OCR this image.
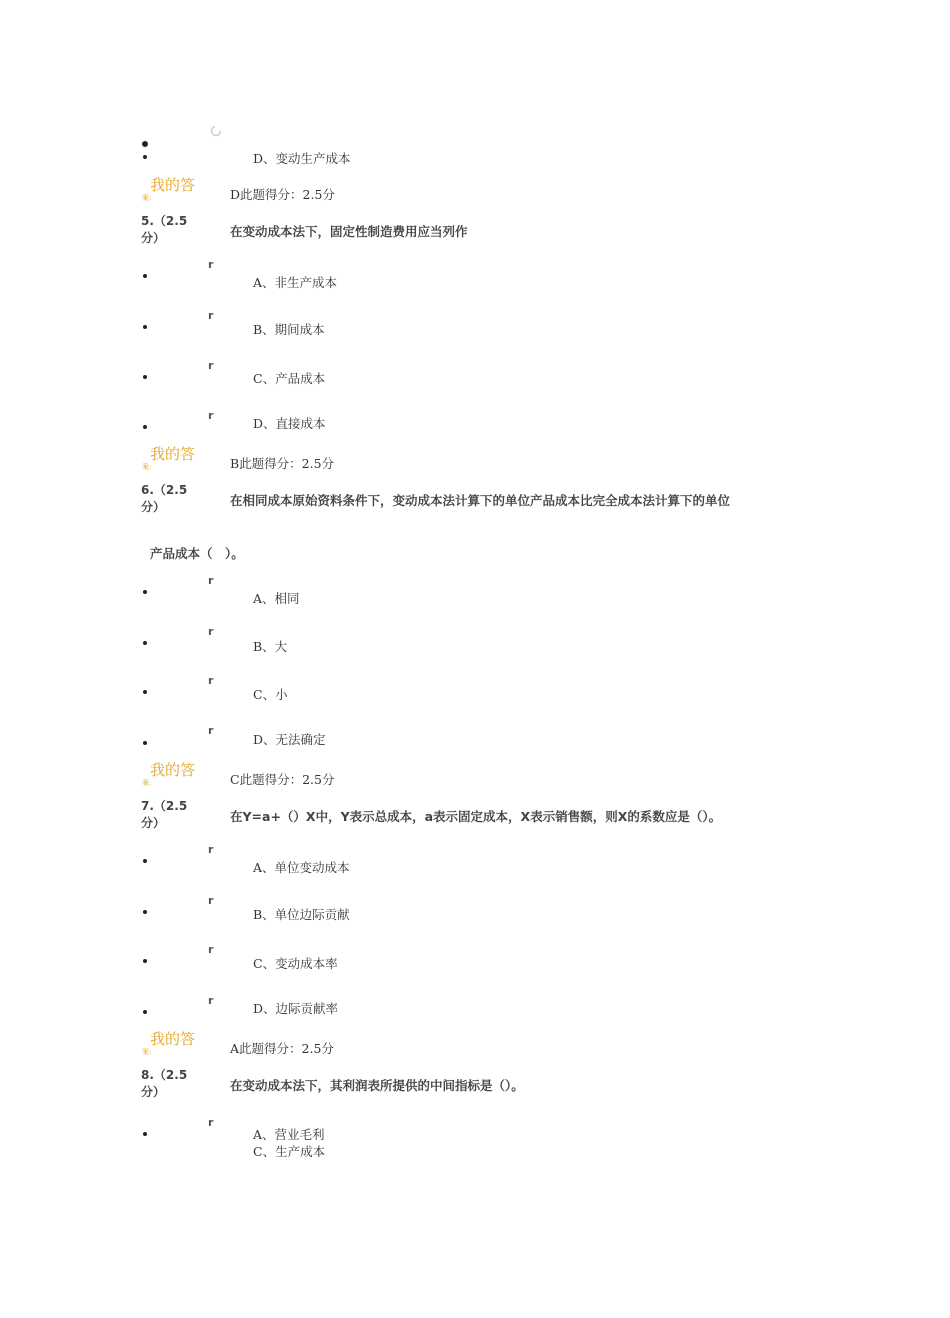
D、变动生产成本
我的答
案:	D此题得分：2.5分
5.（2.5
分）	在变动成本法下，固定性制造费用应当列作
r
A、非生产成本
r
B、期间成本
r
C、产品成本
r
D、直接成本
我的答
案:	B此题得分：2.5分
6.（2.5
分）	在相同成本原始资料条件下，变动成本法计算下的单位产品成本比完全成本法计算下的单位
产品成本（　）。
r
A、相同
r
B、大
r
C、小
r
D、无法确定
我的答
案:	C此题得分：2.5分
7.（2.5
分）	在Y=a+（）X中，Y表示总成本，a表示固定成本，X表示销售额，则X的系数应是（）。
r
A、单位变动成本
r
B、单位边际贡献
r
C、变动成本率
r
D、边际贡献率
我的答
案:	A此题得分：2.5分
8.（2.5
分）	在变动成本法下，其利润表所提供的中间指标是（）。
r
A、营业毛利
C、生产成本
